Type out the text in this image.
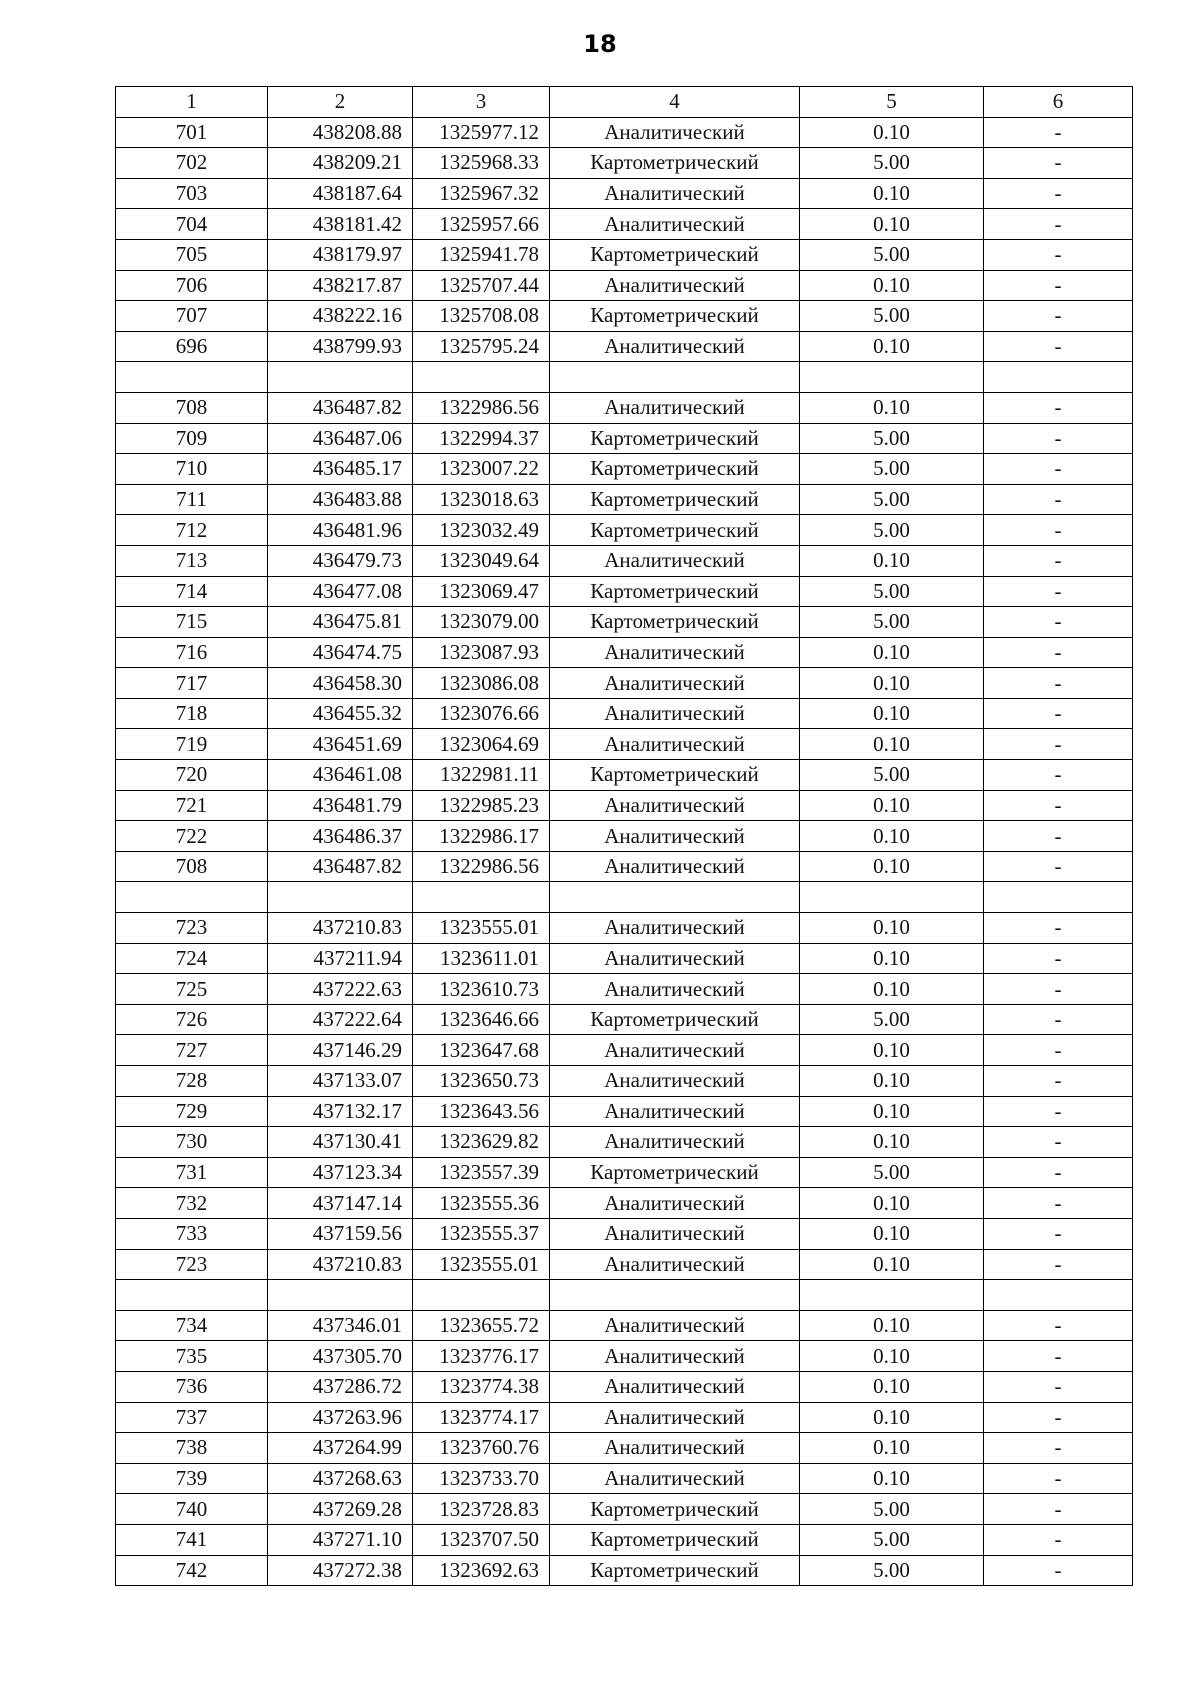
18
1	2	3	4	5	6
701	438208.88	1325977.12	Аналитический	0.10	-
702	438209.21	1325968.33	Картометрический	5.00	-
703	438187.64	1325967.32	Аналитический	0.10	-
704	438181.42	1325957.66	Аналитический	0.10	-
705	438179.97	1325941.78	Картометрический	5.00	-
706	438217.87	1325707.44	Аналитический	0.10	-
707	438222.16	1325708.08	Картометрический	5.00	-
696	438799.93	1325795.24	Аналитический	0.10	-

708	436487.82	1322986.56	Аналитический	0.10	-
709	436487.06	1322994.37	Картометрический	5.00	-
710	436485.17	1323007.22	Картометрический	5.00	-
711	436483.88	1323018.63	Картометрический	5.00	-
712	436481.96	1323032.49	Картометрический	5.00	-
713	436479.73	1323049.64	Аналитический	0.10	-
714	436477.08	1323069.47	Картометрический	5.00	-
715	436475.81	1323079.00	Картометрический	5.00	-
716	436474.75	1323087.93	Аналитический	0.10	-
717	436458.30	1323086.08	Аналитический	0.10	-
718	436455.32	1323076.66	Аналитический	0.10	-
719	436451.69	1323064.69	Аналитический	0.10	-
720	436461.08	1322981.11	Картометрический	5.00	-
721	436481.79	1322985.23	Аналитический	0.10	-
722	436486.37	1322986.17	Аналитический	0.10	-
708	436487.82	1322986.56	Аналитический	0.10	-

723	437210.83	1323555.01	Аналитический	0.10	-
724	437211.94	1323611.01	Аналитический	0.10	-
725	437222.63	1323610.73	Аналитический	0.10	-
726	437222.64	1323646.66	Картометрический	5.00	-
727	437146.29	1323647.68	Аналитический	0.10	-
728	437133.07	1323650.73	Аналитический	0.10	-
729	437132.17	1323643.56	Аналитический	0.10	-
730	437130.41	1323629.82	Аналитический	0.10	-
731	437123.34	1323557.39	Картометрический	5.00	-
732	437147.14	1323555.36	Аналитический	0.10	-
733	437159.56	1323555.37	Аналитический	0.10	-
723	437210.83	1323555.01	Аналитический	0.10	-

734	437346.01	1323655.72	Аналитический	0.10	-
735	437305.70	1323776.17	Аналитический	0.10	-
736	437286.72	1323774.38	Аналитический	0.10	-
737	437263.96	1323774.17	Аналитический	0.10	-
738	437264.99	1323760.76	Аналитический	0.10	-
739	437268.63	1323733.70	Аналитический	0.10	-
740	437269.28	1323728.83	Картометрический	5.00	-
741	437271.10	1323707.50	Картометрический	5.00	-
742	437272.38	1323692.63	Картометрический	5.00	-
